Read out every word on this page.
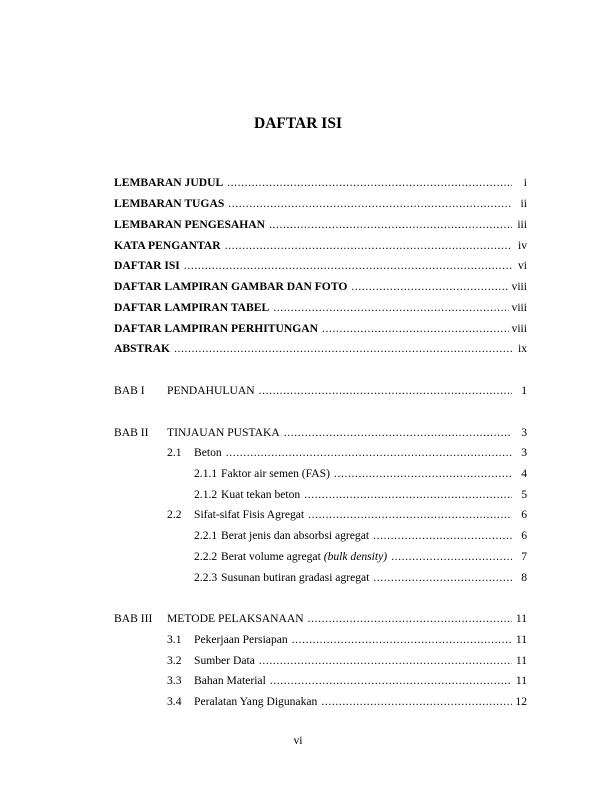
DAFTAR ISI
LEMBARAN JUDUL .....	i
LEMBARAN TUGAS .....	ii
LEMBARAN PENGESAHAN .....	iii
KATA PENGANTAR .....	iv
DAFTAR ISI .....	vi
DAFTAR LAMPIRAN GAMBAR DAN FOTO .....	viii
DAFTAR LAMPIRAN TABEL .....	viii
DAFTAR LAMPIRAN PERHITUNGAN .....	viii
ABSTRAK .....	ix
BAB I	PENDAHULUAN .....	1
BAB II	TINJAUAN PUSTAKA .....	3
2.1	Beton .....	3
2.1.1 Faktor air semen (FAS) .....	4
2.1.2 Kuat tekan beton .....	5
2.2	Sifat-sifat Fisis Agregat .....	6
2.2.1 Berat jenis dan absorbsi agregat .....	6
2.2.2 Berat volume agregat (bulk density) .....	7
2.2.3 Susunan butiran gradasi agregat .....	8
BAB III	METODE PELAKSANAAN .....	11
3.1	Pekerjaan Persiapan .....	11
3.2	Sumber Data .....	11
3.3	Bahan Material .....	11
3.4	Peralatan Yang Digunakan .....	12
vi
